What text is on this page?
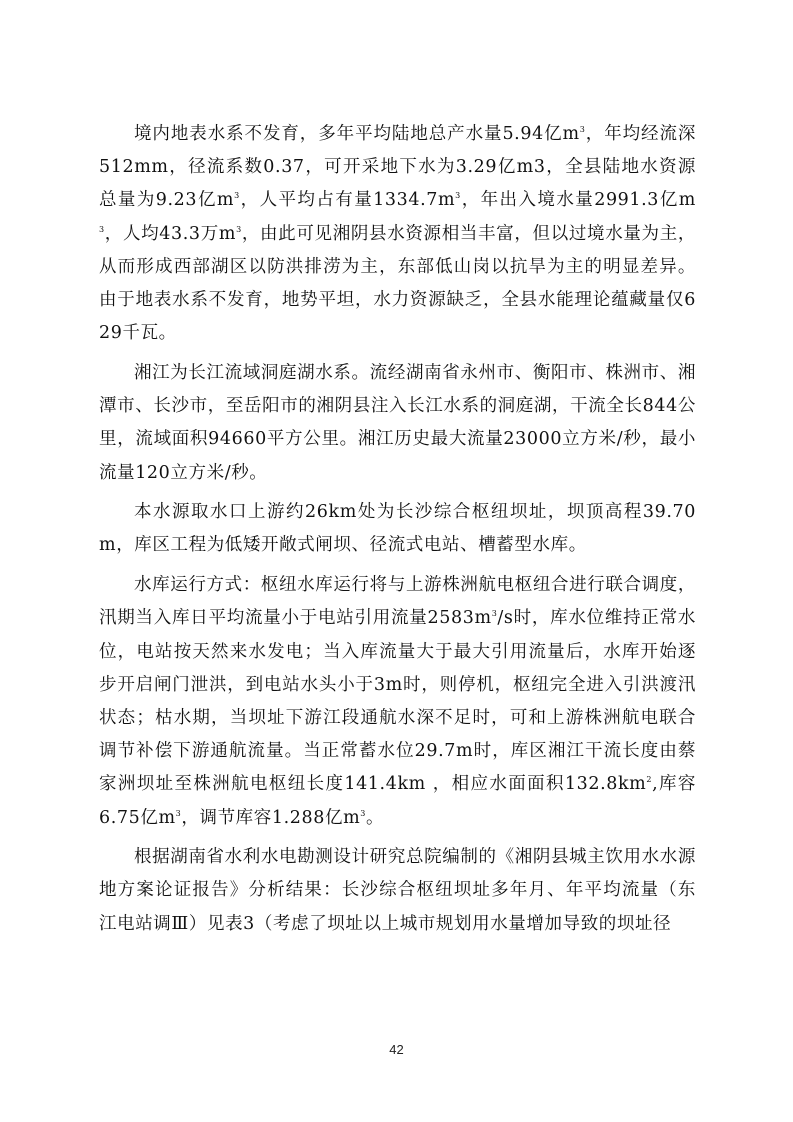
境内地表水系不发育，多年平均陆地总产水量5.94亿$m^3$，年均经流深512mm，径流系数0.37，可开采地下水为3.29亿m3，全县陆地水资源总量为9.23亿$m^3$，人平均占有量$1334.7m^3$，年出入境水量2991.3亿$m^3$，人均43.3万$m^3$，由此可见湘阴县水资源相当丰富，但以过境水量为主，从而形成西部湖区以防洪排涝为主，东部低山岗以抗旱为主的明显差异。由于地表水系不发育，地势平坦，水力资源缺乏，全县水能理论蕴藏量仅629千瓦。

湘江为长江流域洞庭湖水系。流经湖南省永州市、衡阳市、株洲市、湘潭市、长沙市，至岳阳市的湘阴县注入长江水系的洞庭湖，干流全长844公里，流域面积94660平方公里。湘江历史最大流量23000立方米/秒，最小流量120立方米/秒。

本水源取水口上游约26km处为长沙综合枢纽坝址，坝顶高程39.70m，库区工程为低矮开敞式闸坝、径流式电站、槽蓄型水库。

水库运行方式：枢纽水库运行将与上游株洲航电枢纽合进行联合调度，汛期当入库日平均流量小于电站引用流量$2583m^3/s$时，库水位维持正常水位，电站按天然来水发电；当入库流量大于最大引用流量后，水库开始逐步开启闸门泄洪，到电站水头小于3m时，则停机，枢纽完全进入引洪渡汛状态；枯水期，当坝址下游江段通航水深不足时，可和上游株洲航电联合调节补偿下游通航流量。当正常蓄水位29.7m时，库区湘江干流长度由蔡家洲坝址至株洲航电枢纽长度141.4km ，相应水面面积$132.8km^2$,库容6.75亿$m^3$，调节库容1.288亿$m^3$。

根据湖南省水利水电勘测设计研究总院编制的《湘阴县城主饮用水水源地方案论证报告》分析结果：长沙综合枢纽坝址多年月、年平均流量（东江电站调Ⅲ）见表3（考虑了坝址以上城市规划用水量增加导致的坝址径

42
